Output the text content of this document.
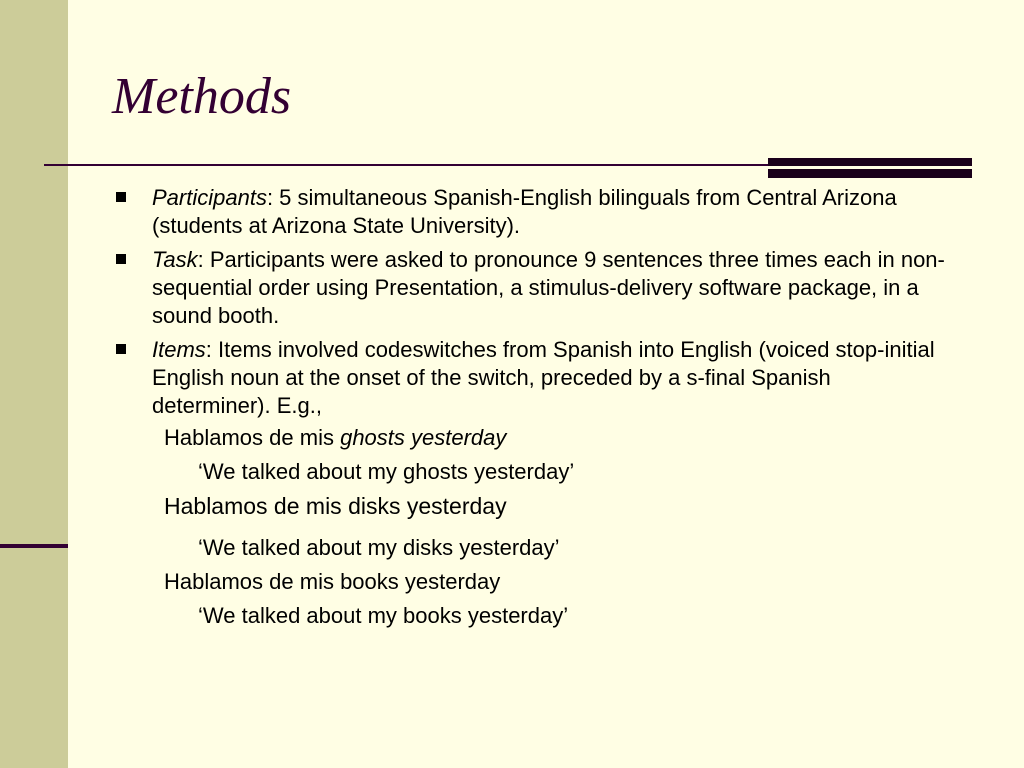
Methods
Participants: 5 simultaneous Spanish-English bilinguals from Central Arizona (students at Arizona State University).
Task: Participants were asked to pronounce 9 sentences three times each in non-sequential order using Presentation, a stimulus-delivery software package, in a sound booth.
Items: Items involved codeswitches from Spanish into English (voiced stop-initial English noun at the onset of the switch, preceded by a s-final Spanish determiner). E.g.,
Hablamos de mis ghosts yesterday
‘We talked about my ghosts yesterday’
Hablamos de mis disks yesterday
‘We talked about my disks yesterday’
Hablamos de mis books yesterday
‘We talked about my books yesterday’
